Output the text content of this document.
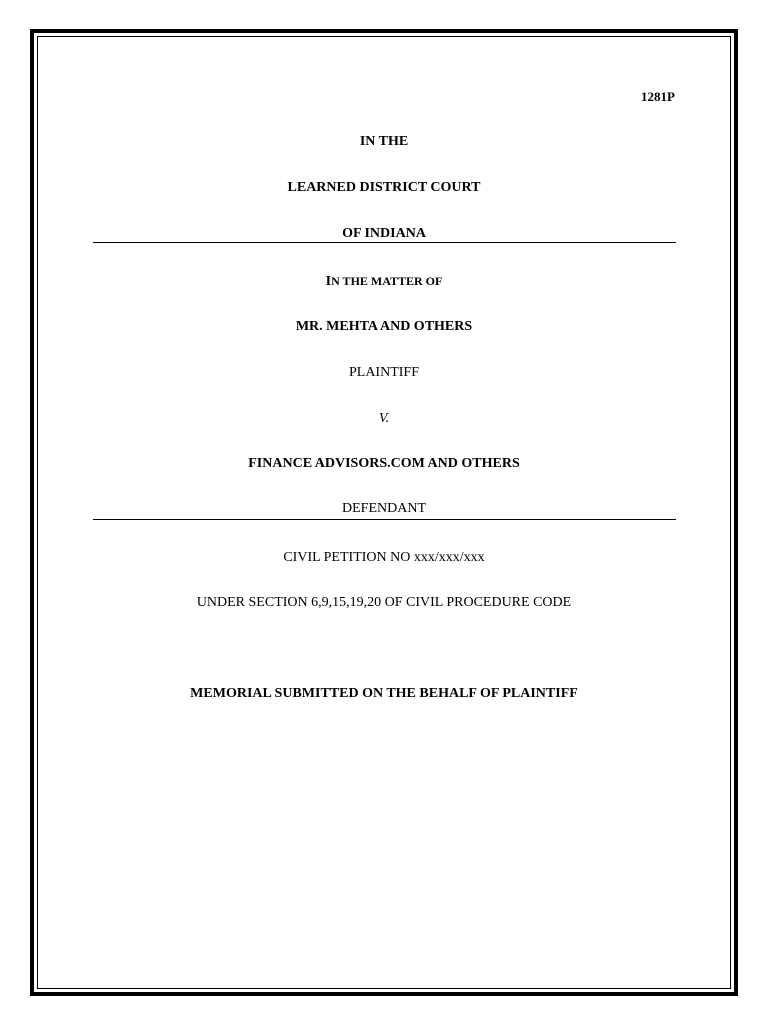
1281P
IN THE
LEARNED DISTRICT COURT
OF INDIANA
IN THE MATTER OF
MR. MEHTA AND OTHERS
PLAINTIFF
V.
FINANCE ADVISORS.COM AND OTHERS
DEFENDANT
CIVIL PETITION NO xxx/xxx/xxx
UNDER SECTION 6,9,15,19,20 OF CIVIL PROCEDURE CODE
MEMORIAL SUBMITTED ON THE BEHALF OF PLAINTIFF
